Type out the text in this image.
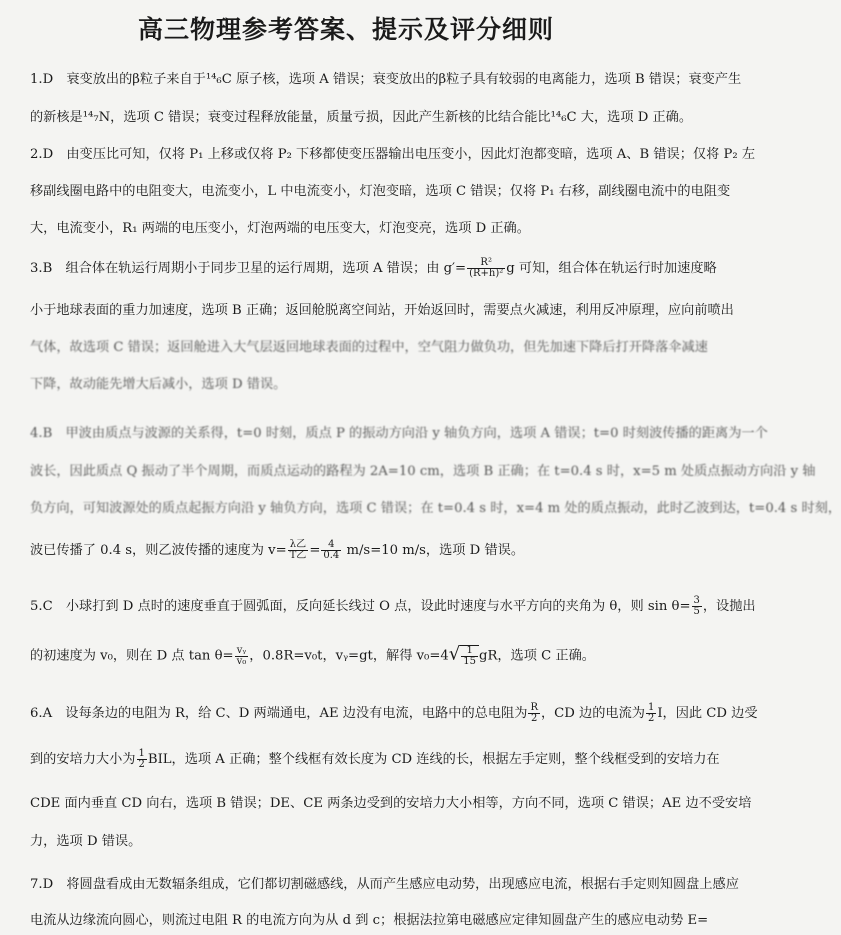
高三物理参考答案、提示及评分细则
1.D　衰变放出的β粒子来自于¹⁴₆C 原子核，选项 A 错误；衰变放出的β粒子具有较弱的电离能力，选项 B 错误；衰变产生
的新核是¹⁴₇N，选项 C 错误；衰变过程释放能量，质量亏损，因此产生新核的比结合能比¹⁴₆C 大，选项 D 正确。
2.D　由变压比可知，仅将 P₁ 上移或仅将 P₂ 下移都使变压器输出电压变小，因此灯泡都变暗，选项 A、B 错误；仅将 P₂ 左
移副线圈电路中的电阻变大，电流变小，L 中电流变小，灯泡变暗，选项 C 错误；仅将 P₁ 右移，副线圈电流中的电阻变
大，电流变小，R₁ 两端的电压变小，灯泡两端的电压变大，灯泡变亮，选项 D 正确。
3.B　组合体在轨运行周期小于同步卫星的运行周期，选项 A 错误；由 $g'= \frac{\text{R²}}{\text{(R+h)²}}$ g 可知，组合体在轨运行时加速度略
小于地球表面的重力加速度，选项 B 正确；返回舱脱离空间站，开始返回时，需要点火减速，利用反冲原理，应向前喷出
气体，故选项 C 错误；返回舱进入大气层返回地球表面的过程中，空气阻力做负功，但先加速下降后打开降落伞减速
下降，故动能先增大后减小，选项 D 错误。
4.B　甲波由质点与波源的关系得，t=0 时刻，质点 P 的振动方向沿 y 轴负方向，选项 A 错误；t=0 时刻波传播的距离为一个
波长，因此质点 Q 振动了半个周期，而质点运动的路程为 2A=10 cm，选项 B 正确；在 t=0.4 s 时，x=5 m 处质点振动方向沿 y 轴
负方向，可知波源处的质点起振方向沿 y 轴负方向，选项 C 错误；在 t=0.4 s 时，x=4 m 处的质点振动，此时乙波到达，t=0.4 s 时刻，
波已传播了 0.4 s，则乙波传播的速度为 $v= \frac{\text{λ乙}}{\text{T乙}} = \frac{4}{0.4} m/s=10$ m/s，选项 D 错误。
5.C　小球打到 D 点时的速度垂直于圆弧面，反向延长线过 O 点，设此时速度与水平方向的夹角为 θ，则 $\sin \theta= \frac{3}{5}$ ，设抛出
的初速度为 v₀，则在 D 点 $\tan \theta= \frac{\text{vᵧ}}{\text{v₀}}$ ，0.8R=v₀t，vᵧ=gt，解得 $v_0=4√ \frac{1}{15}$ gR，选项 C 正确。
6.A　设每条边的电阻为 R，给 C、D 两端通电，AE 边没有电流，电路中的总电阻为 $\frac{R}{2}$ ，CD 边的电流为 $\frac{1}{2}$ I，因此 CD 边受
到的安培力大小为 $\frac{1}{2}$ BIL，选项 A 正确；整个线框有效长度为 CD 连线的长，根据左手定则，整个线框受到的安培力在
CDE 面内垂直 CD 向右，选项 B 错误；DE、CE 两条边受到的安培力大小相等，方向不同，选项 C 错误；AE 边不受安培
力，选项 D 错误。
7.D　将圆盘看成由无数辐条组成，它们都切割磁感线，从而产生感应电动势，出现感应电流，根据右手定则知圆盘上感应
电流从边缘流向圆心，则流过电阻 R 的电流方向为从 d 到 c；根据法拉第电磁感应定律知圆盘产生的感应电动势 E=
